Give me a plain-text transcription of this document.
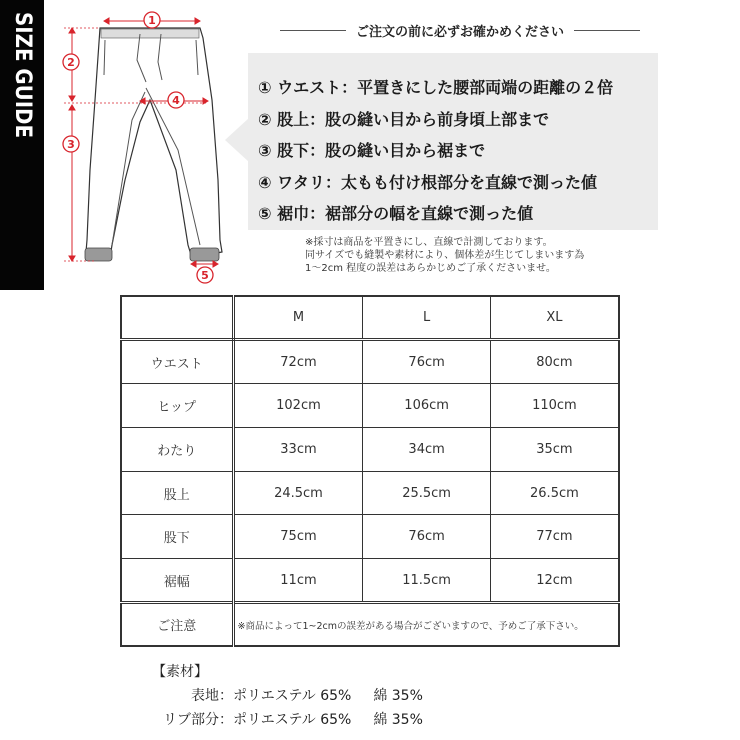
SIZE GUIDE	1
2
3
4
5
ご注文の前に必ずお確かめください
① ウエスト：平置きにした腰部両端の距離の２倍
② 股上：股の縫い目から前身頃上部まで
③ 股下：股の縫い目から裾まで
④ ワタリ：太もも付け根部分を直線で測った値
⑤ 裾巾：裾部分の幅を直線で測った値
※採寸は商品を平置きにし、直線で計測しております。
同サイズでも縫製や素材により、個体差が生じてしまいます為
1〜2cm 程度の誤差はあらかじめご了承くださいませ。
	M	L	XL
ウエスト	72cm	76cm	80cm
ヒップ	102cm	106cm	110cm
わたり	33cm	34cm	35cm
股上	24.5cm	25.5cm	26.5cm
股下	75cm	76cm	77cm
裾幅	11cm	11.5cm	12cm
ご注意	※商品によって1~2cmの誤差がある場合がございますので、予めご了承下さい。		
【素材】
表地：ポリエステル 65% 綿 35%
リブ部分：ポリエステル 65% 綿 35%
